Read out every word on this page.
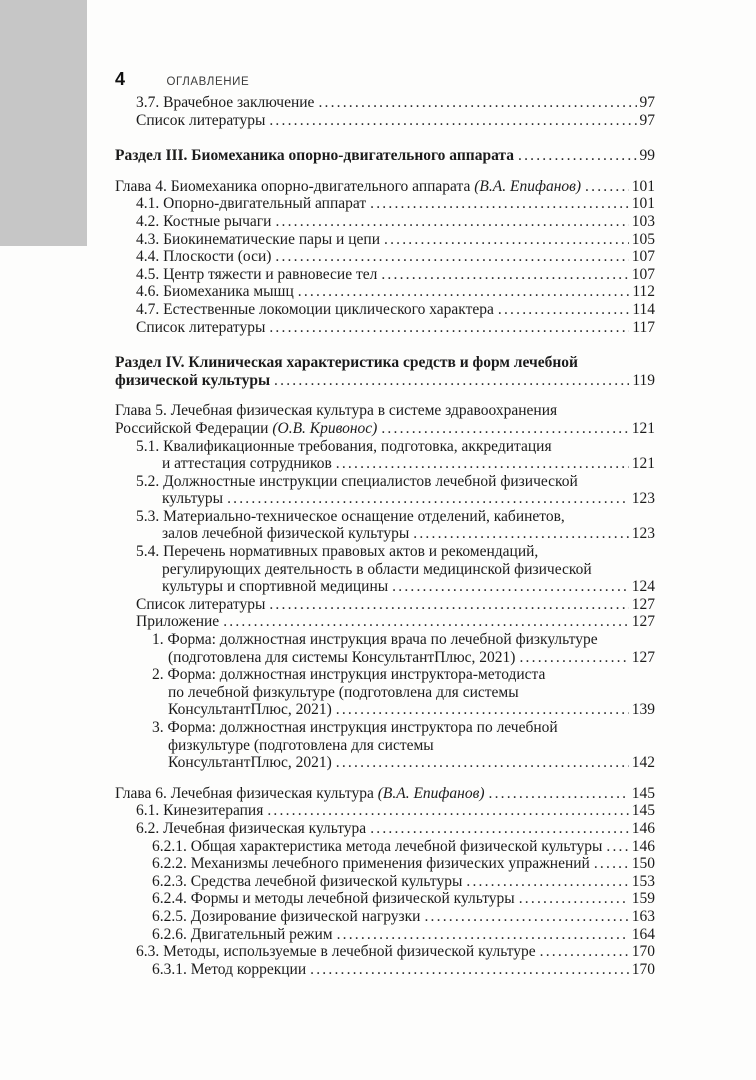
4	ОГЛАВЛЕНИЕ
3.7. Врачебное заключение .....	97
Список литературы .....	97
Раздел III. Биомеханика опорно-двигательного аппарата .....	99
Глава 4. Биомеханика опорно-двигательного аппарата (В.А. Епифанов) .....	101
4.1. Опорно-двигательный аппарат .....	101
4.2. Костные рычаги .....	103
4.3. Биокинематические пары и цепи .....	105
4.4. Плоскости (оси) .....	107
4.5. Центр тяжести и равновесие тел .....	107
4.6. Биомеханика мышц .....	112
4.7. Естественные локомоции циклического характера .....	114
Список литературы .....	117
Раздел IV. Клиническая характеристика средств и форм лечебной
физической культуры .....	119
Глава 5. Лечебная физическая культура в системе здравоохранения
Российской Федерации (О.В. Кривонос) .....	121
5.1. Квалификационные требования, подготовка, аккредитация
и аттестация сотрудников .....	121
5.2. Должностные инструкции специалистов лечебной физической
культуры .....	123
5.3. Материально-техническое оснащение отделений, кабинетов,
залов лечебной физической культуры .....	123
5.4. Перечень нормативных правовых актов и рекомендаций,
регулирующих деятельность в области медицинской физической
культуры и спортивной медицины .....	124
Список литературы .....	127
Приложение .....	127
1. Форма: должностная инструкция врача по лечебной физкультуре
(подготовлена для системы КонсультантПлюс, 2021) .....	127
2. Форма: должностная инструкция инструктора-методиста
по лечебной физкультуре (подготовлена для системы
КонсультантПлюс, 2021) .....	139
3. Форма: должностная инструкция инструктора по лечебной
физкультуре (подготовлена для системы
КонсультантПлюс, 2021) .....	142
Глава 6. Лечебная физическая культура (В.А. Епифанов) .....	145
6.1. Кинезитерапия .....	145
6.2. Лечебная физическая культура .....	146
6.2.1. Общая характеристика метода лечебной физической культуры ..... 146
6.2.2. Механизмы лечебного применения физических упражнений .....	150
6.2.3. Средства лечебной физической культуры .....	153
6.2.4. Формы и методы лечебной физической культуры .....	159
6.2.5. Дозирование физической нагрузки .....	163
6.2.6. Двигательный режим .....	164
6.3. Методы, используемые в лечебной физической культуре .....	170
6.3.1. Метод коррекции .....	170
